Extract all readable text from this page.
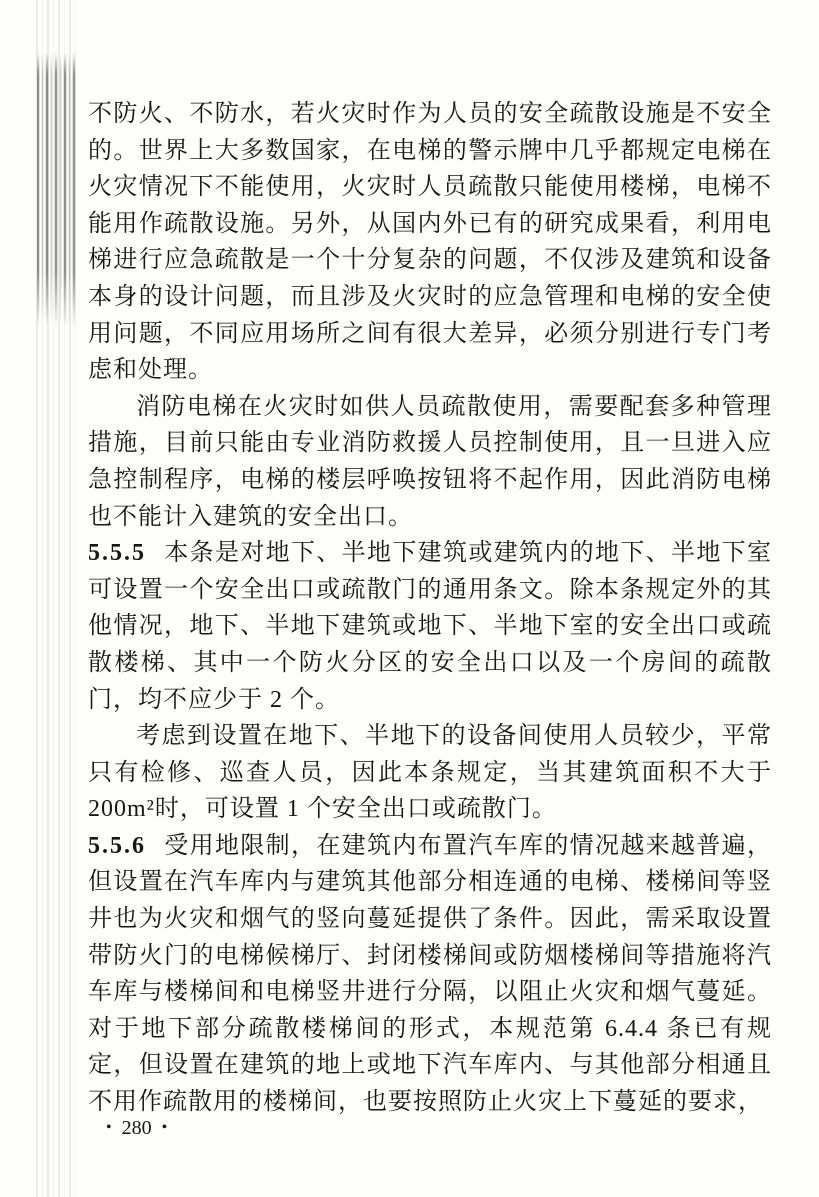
不防火、不防水，若火灾时作为人员的安全疏散设施是不安全的。世界上大多数国家，在电梯的警示牌中几乎都规定电梯在火灾情况下不能使用，火灾时人员疏散只能使用楼梯，电梯不能用作疏散设施。另外，从国内外已有的研究成果看，利用电梯进行应急疏散是一个十分复杂的问题，不仅涉及建筑和设备本身的设计问题，而且涉及火灾时的应急管理和电梯的安全使用问题，不同应用场所之间有很大差异，必须分别进行专门考虑和处理。

消防电梯在火灾时如供人员疏散使用，需要配套多种管理措施，目前只能由专业消防救援人员控制使用，且一旦进入应急控制程序，电梯的楼层呼唤按钮将不起作用，因此消防电梯也不能计入建筑的安全出口。

5.5.5 本条是对地下、半地下建筑或建筑内的地下、半地下室可设置一个安全出口或疏散门的通用条文。除本条规定外的其他情况，地下、半地下建筑或地下、半地下室的安全出口或疏散楼梯、其中一个防火分区的安全出口以及一个房间的疏散门，均不应少于 2 个。

考虑到设置在地下、半地下的设备间使用人员较少，平常只有检修、巡查人员，因此本条规定，当其建筑面积不大于 200m²时，可设置 1 个安全出口或疏散门。

5.5.6 受用地限制，在建筑内布置汽车库的情况越来越普遍，但设置在汽车库内与建筑其他部分相连通的电梯、楼梯间等竖井也为火灾和烟气的竖向蔓延提供了条件。因此，需采取设置带防火门的电梯候梯厅、封闭楼梯间或防烟楼梯间等措施将汽车库与楼梯间和电梯竖井进行分隔，以阻止火灾和烟气蔓延。对于地下部分疏散楼梯间的形式，本规范第 6.4.4 条已有规定，但设置在建筑的地上或地下汽车库内、与其他部分相通且不用作疏散用的楼梯间，也要按照防止火灾上下蔓延的要求，

• 280 •
